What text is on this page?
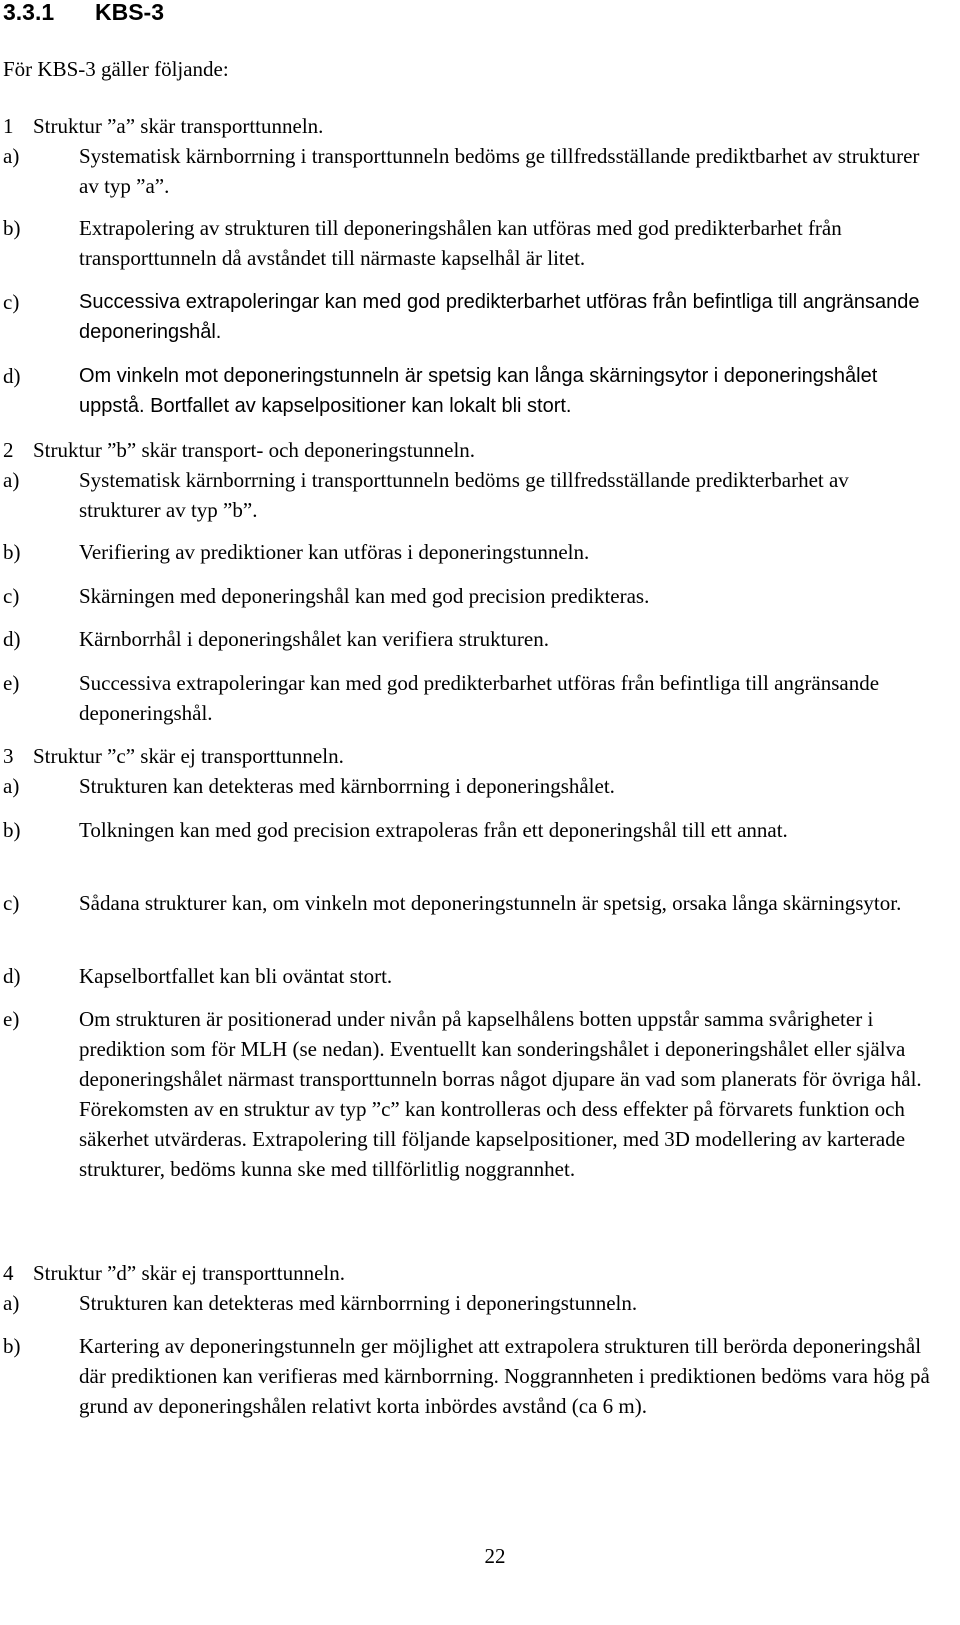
3.3.1 KBS-3

För KBS-3 gäller följande:

1 Struktur ”a” skär transporttunneln.

a)	Systematisk kärnborrning i transporttunneln bedöms ge tillfredsställande prediktbarhet av strukturer av typ ”a”.
b)	Extrapolering av strukturen till deponeringshålen kan utföras med god predikterbarhet från transporttunneln då avståndet till närmaste kapselhål är litet.
c)	Successiva extrapoleringar kan med god predikterbarhet utföras från befintliga till angränsande deponeringshål.
d)	Om vinkeln mot deponeringstunneln är spetsig kan långa skärningsytor i deponeringshålet uppstå. Bortfallet av kapselpositioner kan lokalt bli stort.

2 Struktur ”b” skär transport- och deponeringstunneln.

a)	Systematisk kärnborrning i transporttunneln bedöms ge tillfredsställande predikterbarhet av strukturer av typ ”b”.
b)	Verifiering av prediktioner kan utföras i deponeringstunneln.
c)	Skärningen med deponeringshål kan med god precision predikteras.
d)	Kärnborrhål i deponeringshålet kan verifiera strukturen.
e)	Successiva extrapoleringar kan med god predikterbarhet utföras från befintliga till angränsande deponeringshål.

3 Struktur ”c” skär ej transporttunneln.

a)	Strukturen kan detekteras med kärnborrning i deponeringshålet.
b)	Tolkningen kan med god precision extrapoleras från ett deponeringshål till ett annat.
c)	Sådana strukturer kan, om vinkeln mot deponeringstunneln är spetsig, orsaka långa skärningsytor.
d)	Kapselbortfallet kan bli oväntat stort.
e)	Om strukturen är positionerad under nivån på kapselhålens botten uppstår samma svårigheter i prediktion som för MLH (se nedan). Eventuellt kan sonderingshålet i deponeringshålet eller själva deponeringshålet närmast transporttunneln borras något djupare än vad som planerats för övriga hål. Förekomsten av en struktur av typ ”c” kan kontrolleras och dess effekter på förvarets funktion och säkerhet utvärderas. Extrapolering till följande kapselpositioner, med 3D modellering av karterade strukturer, bedöms kunna ske med tillförlitlig noggrannhet.

4 Struktur ”d” skär ej transporttunneln.

a)	Strukturen kan detekteras med kärnborrning i deponeringstunneln.
b)	Kartering av deponeringstunneln ger möjlighet att extrapolera strukturen till berörda deponeringshål där prediktionen kan verifieras med kärnborrning. Noggrannheten i prediktionen bedöms vara hög på grund av deponeringshålen relativt korta inbördes avstånd (ca 6 m).

22
